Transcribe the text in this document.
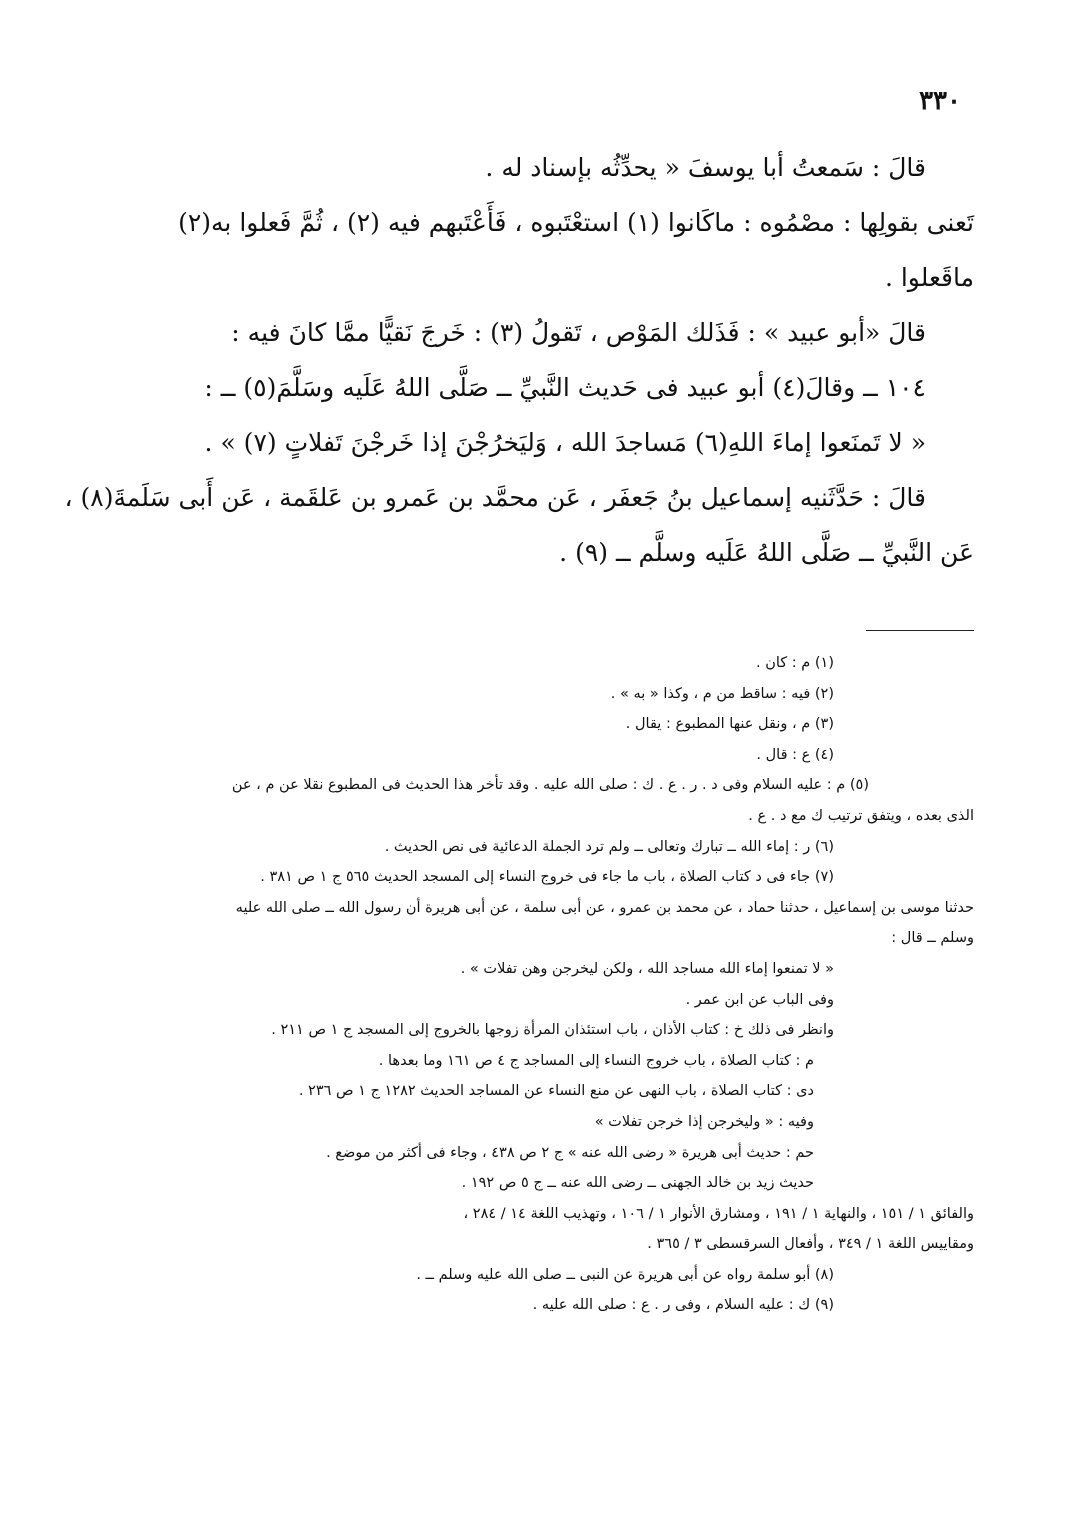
٣٣٠

قالَ : سَمعتُ أبا يوسفَ « يحدِّثُه بإسناد له .

تَعنى بقولِها : مصْمُوه : ماكَانوا (١) استعْتَبوه ، فَأَعْتَبهم فيه (٢) ، ثُمَّ فَعلوا به(٢)

ماقَعلوا .

قالَ «أبو عبيد » : فَذَلك المَوْص ، تَقولُ (٣) : خَرجَ نَقيًّا ممَّا كانَ فيه :

١٠٤ ــ وقالَ(٤) أبو عبيد فى حَديث النَّبيِّ ــ صَلَّى اللهُ عَلَيه وسَلَّمَ(٥) ــ :

« لا تَمنَعوا إماءَ اللهِ(٦) مَساجدَ الله ، وَليَخرُجْنَ إذا خَرجْنَ تَفلاتٍ (٧) » .

قالَ : حَدَّثَنيه إسماعيل بنُ جَعفَر ، عَن محمَّد بن عَمرو بن عَلقَمة ، عَن أَبى سَلَمةَ(٨) ،

عَن النَّبيِّ ــ صَلَّى اللهُ عَلَيه وسلَّم ــ (٩) .

(١) م : كان .

(٢) فيه : ساقط من م ، وكذا « به » .

(٣) م ، ونقل عنها المطبوع : يقال .

(٤) ع : قال .

(٥) م : عليه السلام وفى د . ر . ع . ك : صلى الله عليه . وقد تأخر هذا الحديث فى المطبوع نقلا عن م ، عن

الذى بعده ، ويتفق ترتيب ك مع د . ع .

(٦) ر : إماء الله ــ تبارك وتعالى ــ ولم ترد الجملة الدعائية فى نص الحديث .

(٧) جاء فى د كتاب الصلاة ، باب ما جاء فى خروج النساء إلى المسجد الحديث ٥٦٥ ج ١ ص ٣٨١ .

حدثنا موسى بن إسماعيل ، حدثنا حماد ، عن محمد بن عمرو ، عن أبى سلمة ، عن أبى هريرة أن رسول الله ــ صلى الله عليه

وسلم ــ قال :

« لا تمنعوا إماء الله مساجد الله ، ولكن ليخرجن وهن تفلات » .

وفى الباب عن ابن عمر .

وانظر فى ذلك خ : كتاب الأذان ، باب استئذان المرأة زوجها بالخروج إلى المسجد ج ١ ص ٢١١ .

م : كتاب الصلاة ، باب خروج النساء إلى المساجد ج ٤ ص ١٦١ وما بعدها .

دى : كتاب الصلاة ، باب النهى عن منع النساء عن المساجد الحديث ١٢٨٢ ج ١ ص ٢٣٦ .

وفيه : « وليخرجن إذا خرجن تفلات »

حم : حديث أبى هريرة « رضى الله عنه » ج ٢ ص ٤٣٨ ، وجاء فى أكثر من موضع .

حديث زيد بن خالد الجهنى ــ رضى الله عنه ــ ج ٥ ص ١٩٢ .

والفائق ١ / ١٥١ ، والنهاية ١ / ١٩١ ، ومشارق الأنوار ١ / ١٠٦ ، وتهذيب اللغة ١٤ / ٢٨٤ ،

ومقاييس اللغة ١ / ٣٤٩ ، وأفعال السرقسطى ٣ / ٣٦٥ .

(٨) أبو سلمة رواه عن أبى هريرة عن النبى ــ صلى الله عليه وسلم ــ .

(٩) ك : عليه السلام ، وفى ر . ع : صلى الله عليه .
